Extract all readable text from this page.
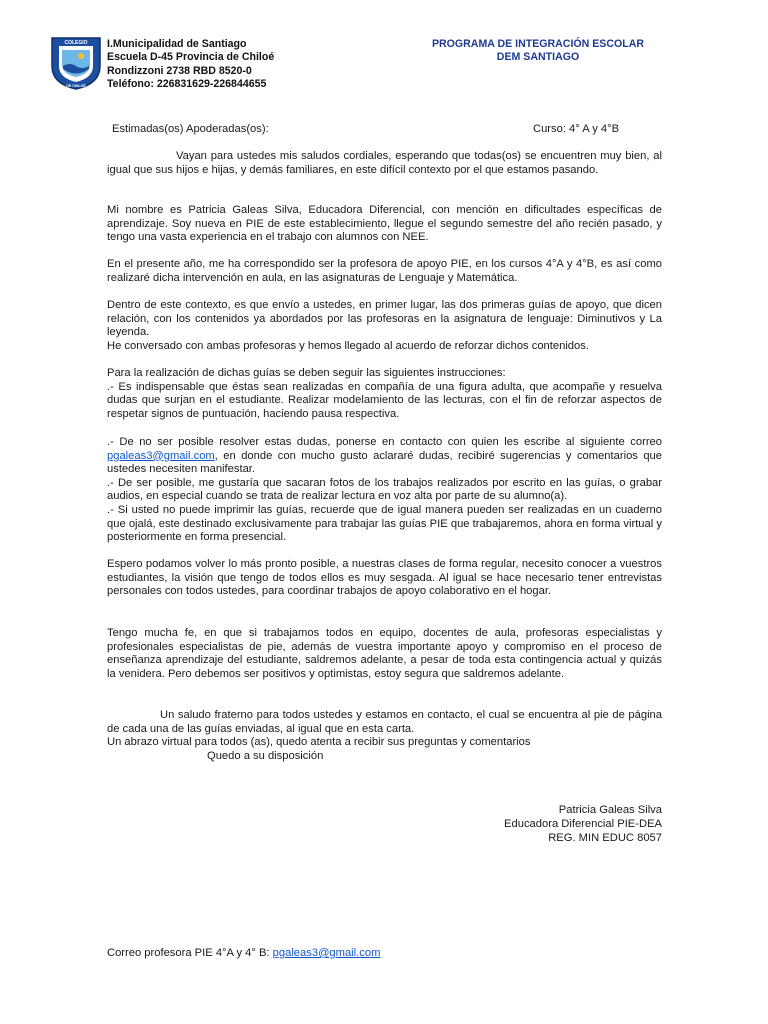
COLEGIO
DE CHILOÉ
I.Municipalidad de Santiago
Escuela D-45 Provincia de Chiloé
Rondizzoni 2738 RBD 8520-0
Teléfono: 226831629-226844655
PROGRAMA DE INTEGRACIÓN ESCOLAR
DEM SANTIAGO
Estimadas(os) Apoderadas(os):	Curso: 4° A y 4°B

Vayan para ustedes mis saludos cordiales, esperando que todas(os) se encuentren muy bien, al igual que sus hijos e hijas, y demás familiares, en este difícil contexto por el que estamos pasando.

Mi nombre es Patricia Galeas Silva, Educadora Diferencial, con mención en dificultades específicas de aprendizaje. Soy nueva en PIE de este establecimiento, llegue el segundo semestre del año recién pasado, y tengo una vasta experiencia en el trabajo con alumnos con NEE.

En el presente año, me ha correspondido ser la profesora de apoyo PIE, en los cursos 4°A y 4°B, es así como realizaré dicha intervención en aula, en las asignaturas de Lenguaje y Matemática.

Dentro de este contexto, es que envío a ustedes, en primer lugar, las dos primeras guías de apoyo, que dicen relación, con los contenidos ya abordados por las profesoras en la asignatura de lenguaje: Diminutivos y La leyenda.

He conversado con ambas profesoras y hemos llegado al acuerdo de reforzar dichos contenidos.

Para la realización de dichas guías se deben seguir las siguientes instrucciones:

.- Es indispensable que éstas sean realizadas en compañía de una figura adulta, que acompañe y resuelva dudas que surjan en el estudiante. Realizar modelamiento de las lecturas, con el fin de reforzar aspectos de respetar signos de puntuación, haciendo pausa respectiva.

.- De no ser posible resolver estas dudas, ponerse en contacto con quien les escribe al siguiente correo pgaleas3@gmail.com, en donde con mucho gusto aclararé dudas, recibiré sugerencias y comentarios que ustedes necesiten manifestar.

.- De ser posible, me gustaría que sacaran fotos de los trabajos realizados por escrito en las guías, o grabar audios, en especial cuando se trata de realizar lectura en voz alta por parte de su alumno(a).

.- Si usted no puede imprimir las guías, recuerde que de igual manera pueden ser realizadas en un cuaderno que ojalá, este destinado exclusivamente para trabajar las guías PIE que trabajaremos, ahora en forma virtual y posteriormente en forma presencial.

Espero podamos volver lo más pronto posible, a nuestras clases de forma regular, necesito conocer a vuestros estudiantes, la visión que tengo de todos ellos es muy sesgada. Al igual se hace necesario tener entrevistas personales con todos ustedes, para coordinar trabajos de apoyo colaborativo en el hogar.

Tengo mucha fe, en que si trabajamos todos en equipo, docentes de aula, profesoras especialistas y profesionales especialistas de pie, además de vuestra importante apoyo y compromiso en el proceso de enseñanza aprendizaje del estudiante, saldremos adelante, a pesar de toda esta contingencia actual y quizás la venidera. Pero debemos ser positivos y optimistas, estoy segura que saldremos adelante.

Un saludo fraterno para todos ustedes y estamos en contacto, el cual se encuentra al pie de página de cada una de las guías enviadas, al igual que en esta carta.

Un abrazo virtual para todos (as), quedo atenta a recibir sus preguntas y comentarios

Quedo a su disposición

Patricia Galeas Silva
Educadora Diferencial PIE-DEA
REG. MIN EDUC 8057
Correo profesora PIE 4°A y 4° B: pgaleas3@gmail.com
